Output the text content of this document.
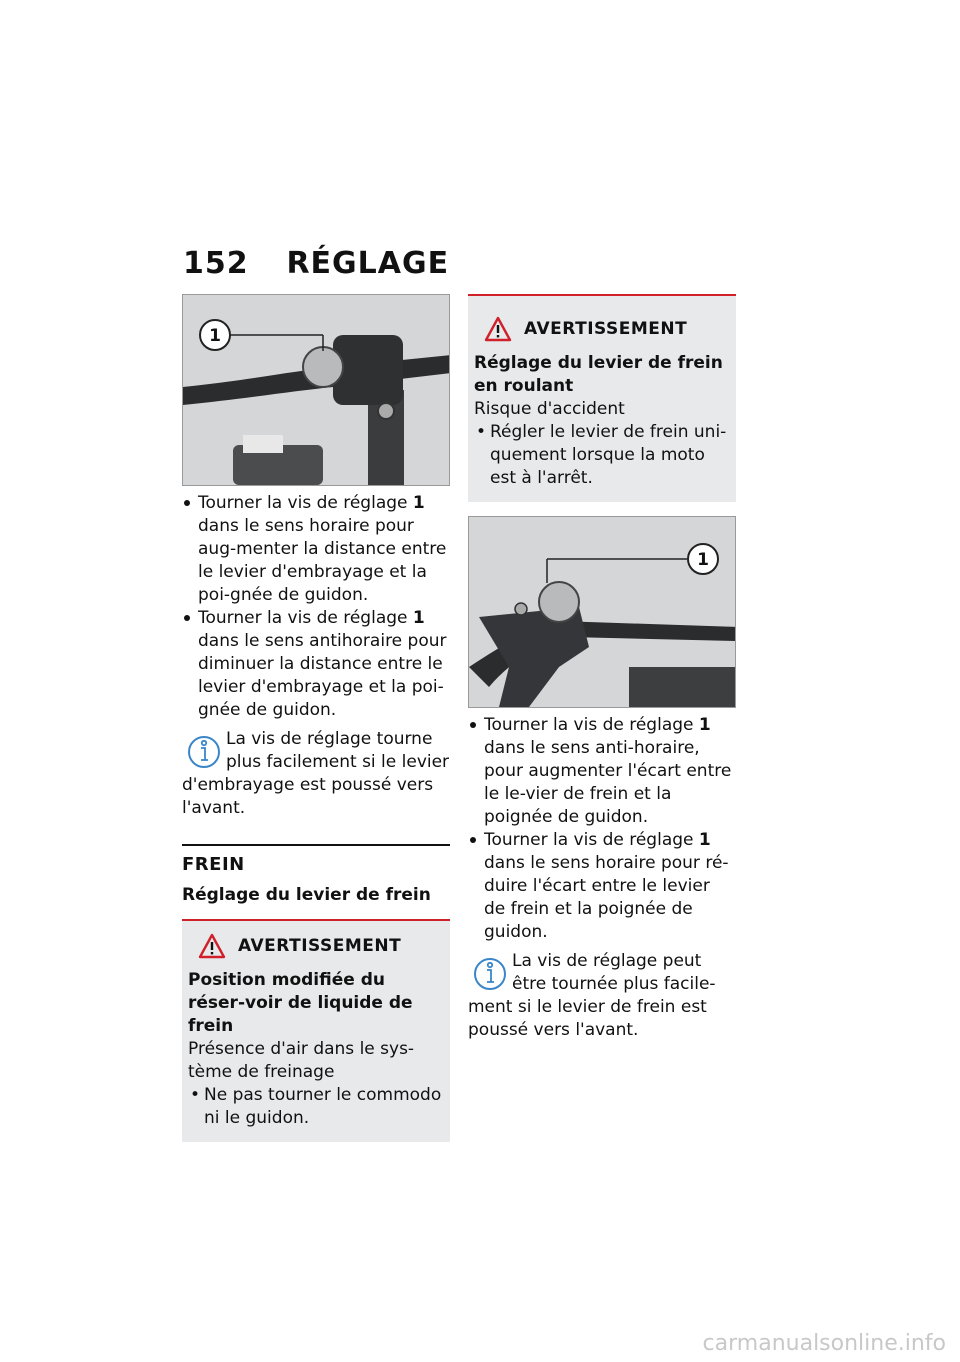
152 RÉGLAGE
1
Tourner la vis de réglage 1 dans le sens horaire pour aug-menter la distance entre le levier d'embrayage et la poi-gnée de guidon.
Tourner la vis de réglage 1 dans le sens antihoraire pour diminuer la distance entre le levier d'embrayage et la poi-gnée de guidon.
La vis de réglage tourne plus facilement si le levier d'embrayage est poussé vers l'avant.
FREIN
Réglage du levier de frein
AVERTISSEMENT
Position modifiée du réser-voir de liquide de frein
Présence d'air dans le sys-tème de freinage
• Ne pas tourner le commodo ni le guidon.
AVERTISSEMENT
Réglage du levier de frein en roulant
Risque d'accident
• Régler le levier de frein uni-quement lorsque la moto est à l'arrêt.
1
Tourner la vis de réglage 1 dans le sens anti-horaire, pour augmenter l'écart entre le le-vier de frein et la poignée de guidon.
Tourner la vis de réglage 1 dans le sens horaire pour ré-duire l'écart entre le levier de frein et la poignée de guidon.
La vis de réglage peut être tournée plus facile-ment si le levier de frein est poussé vers l'avant.
carmanualsonline.info
